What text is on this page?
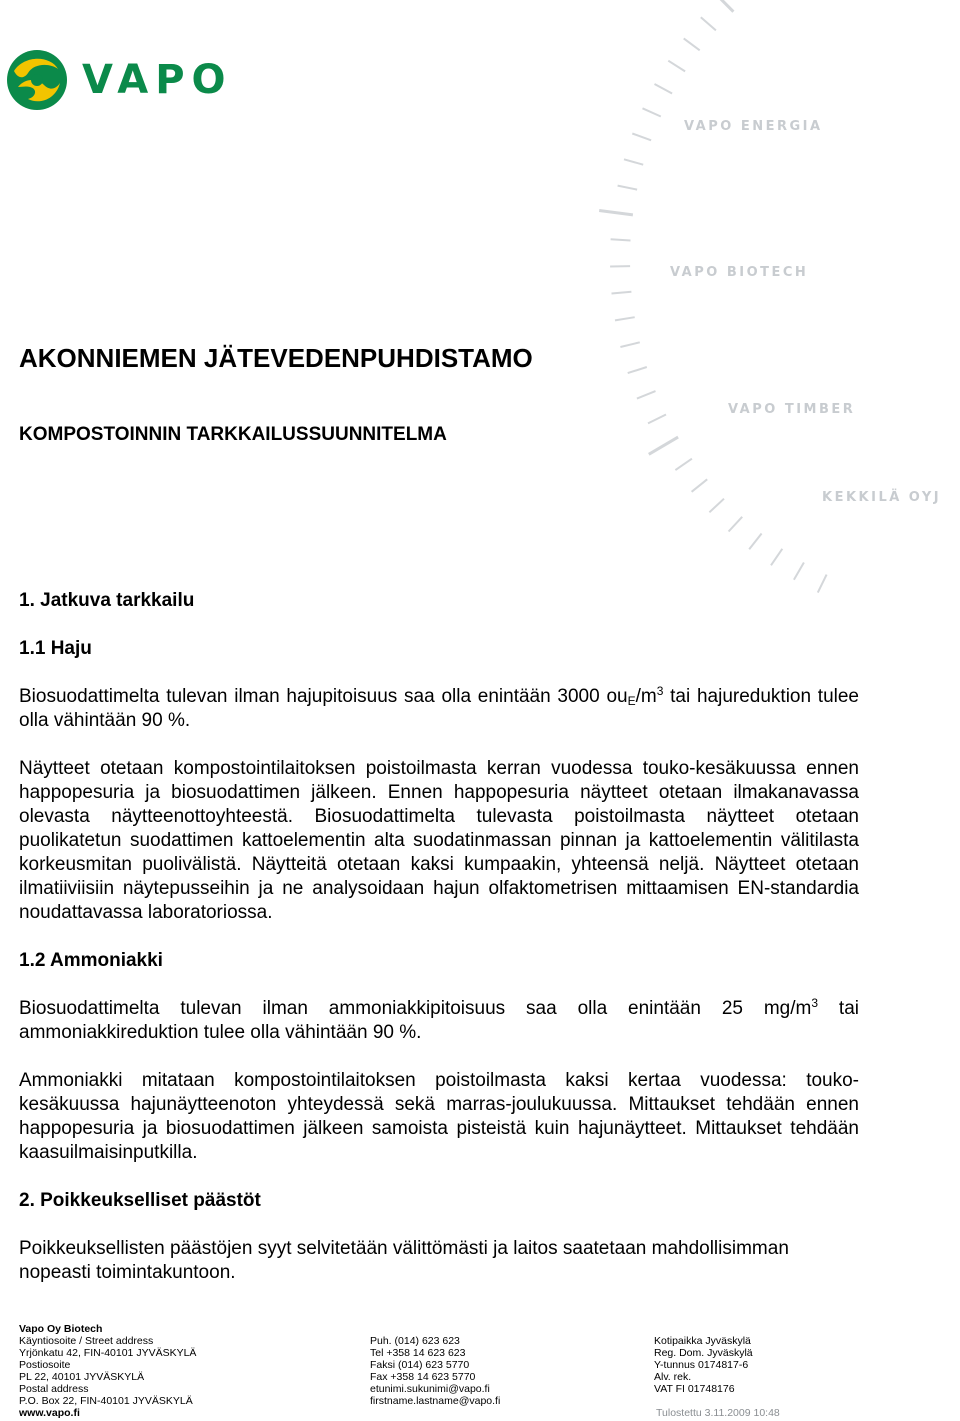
VAPO
VAPO ENERGIA
VAPO BIOTECH
VAPO TIMBER
KEKKILÄ OYJ
AKONNIEMEN JÄTEVEDENPUHDISTAMO
KOMPOSTOINNIN TARKKAILUSSUUNNITELMA
1. Jatkuva tarkkailu
1.1 Haju

Biosuodattimelta tulevan ilman hajupitoisuus saa olla enintään 3000 $ou_E/m^3$ tai hajureduktion tulee olla vähintään 90 %.

Näytteet otetaan kompostointilaitoksen poistoilmasta kerran vuodessa touko-kesäkuussa ennen happopesuria ja biosuodattimen jälkeen. Ennen happopesuria näytteet otetaan ilmakanavassa olevasta näytteenottoyhteestä. Biosuodattimelta tulevasta poistoilmasta näytteet otetaan puolikatetun suodattimen kattoelementin alta suodatinmassan pinnan ja kattoelementin välitilasta korkeusmitan puolivälistä. Näytteitä otetaan kaksi kumpaakin, yhteensä neljä. Näytteet otetaan ilmatiiviisiin näytepusseihin ja ne analysoidaan hajun olfaktometrisen mittaamisen EN-standardia noudattavassa laboratoriossa.

1.2 Ammoniakki

Biosuodattimelta tulevan ilman ammoniakkipitoisuus saa olla enintään 25 $mg/m^3$ tai ammoniakkireduktion tulee olla vähintään 90 %.

Ammoniakki mitataan kompostointilaitoksen poistoilmasta kaksi kertaa vuodessa: touko-kesäkuussa hajunäytteenoton yhteydessä sekä marras-joulukuussa. Mittaukset tehdään ennen happopesuria ja biosuodattimen jälkeen samoista pisteistä kuin hajunäytteet. Mittaukset tehdään kaasuilmaisinputkilla.

2. Poikkeukselliset päästöt

Poikkeuksellisten päästöjen syyt selvitetään välittömästi ja laitos saatetaan mahdollisimman nopeasti toimintakuntoon.

Vapo Oy Biotech
Käyntiosoite / Street address
Yrjönkatu 42, FIN-40101 JYVÄSKYLÄ
Postiosoite
PL 22, 40101 JYVÄSKYLÄ
Postal address
P.O. Box 22, FIN-40101 JYVÄSKYLÄ
www.vapo.fi
Puh. (014) 623 623
Tel +358 14 623 623
Faksi (014) 623 5770
Fax +358 14 623 5770
etunimi.sukunimi@vapo.fi
firstname.lastname@vapo.fi
Kotipaikka Jyväskylä
Reg. Dom. Jyväskylä
Y-tunnus 0174817-6
Alv. rek.
VAT FI 01748176
Tulostettu 3.11.2009 10:48
